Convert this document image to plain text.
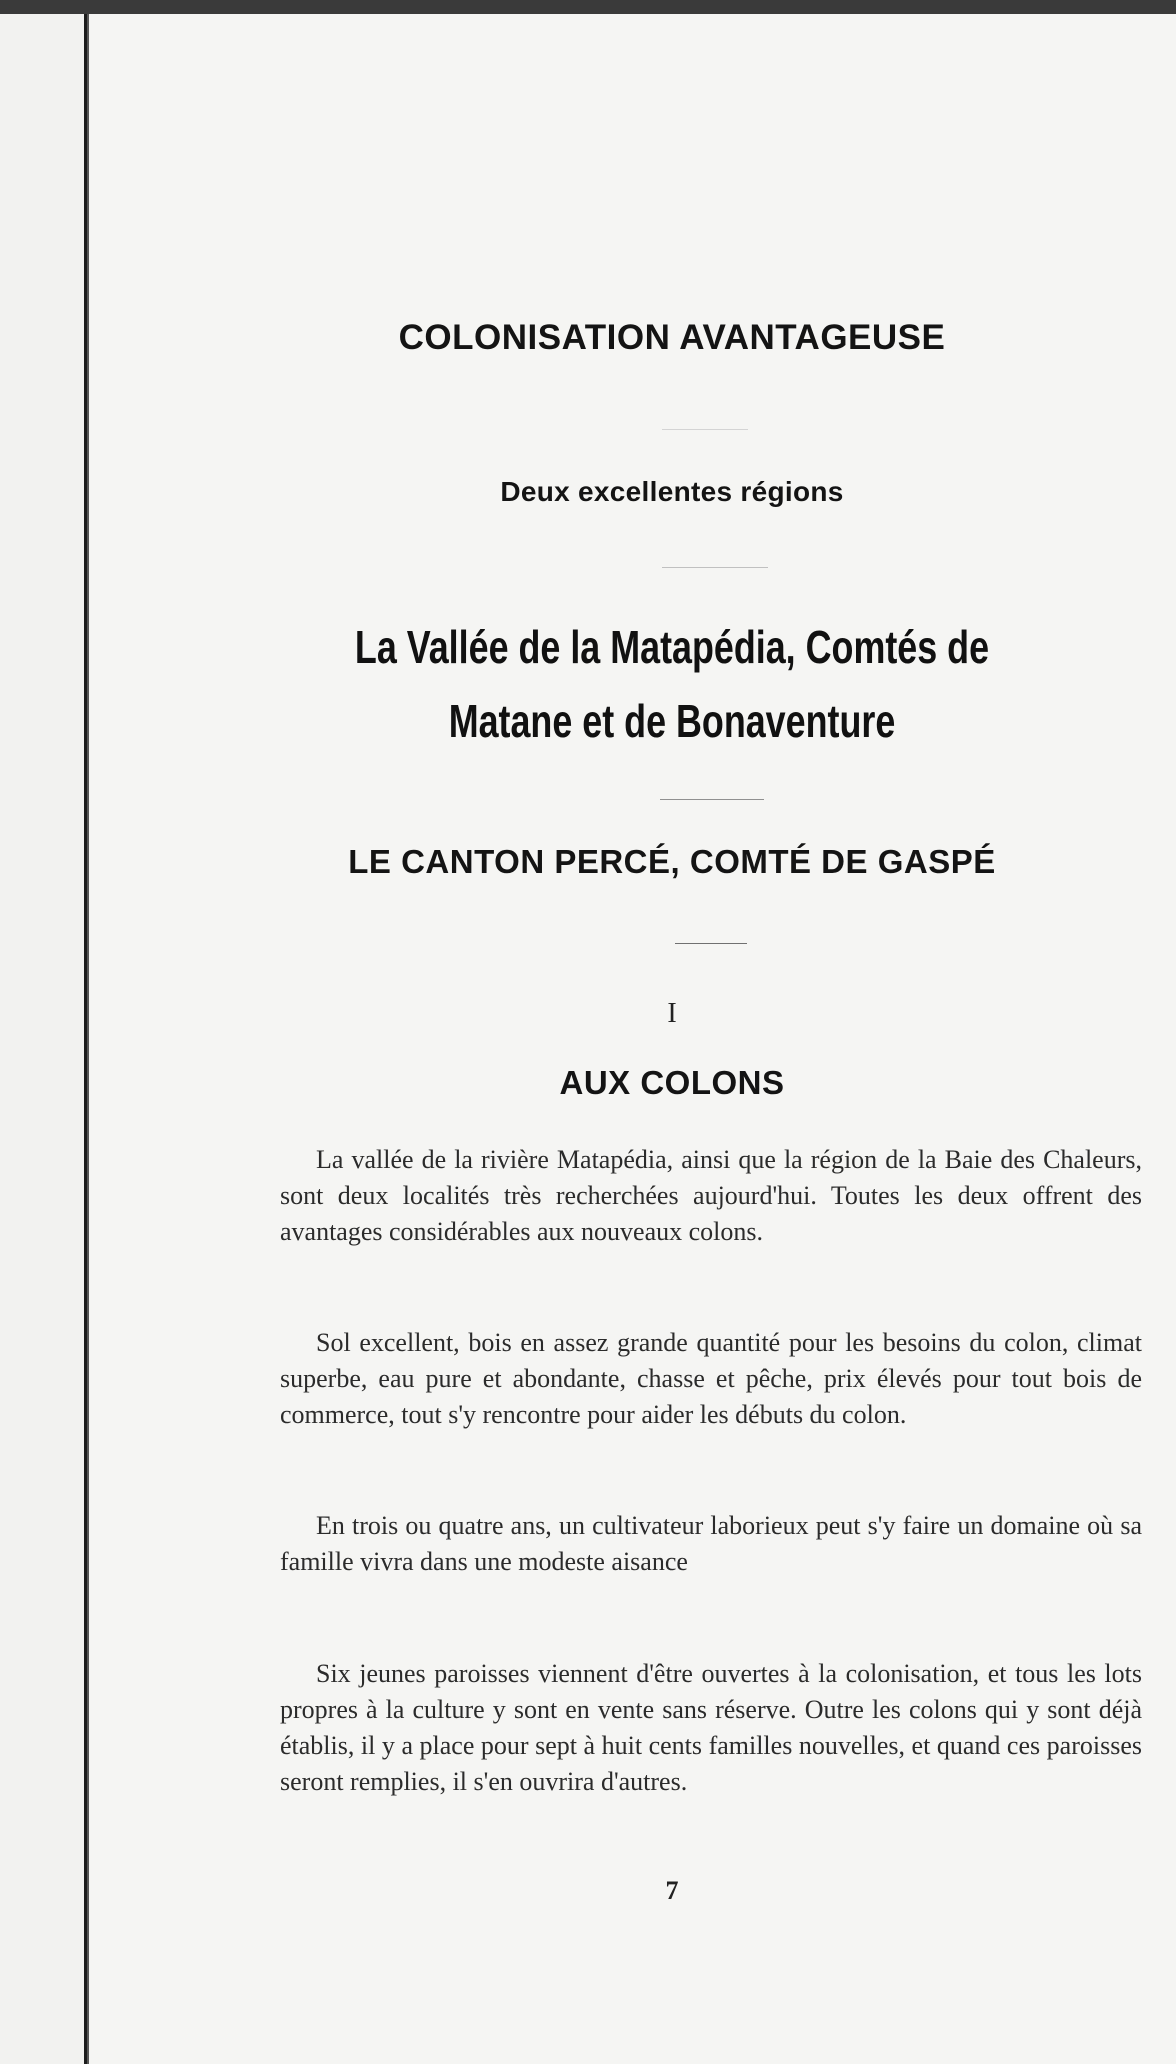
COLONISATION AVANTAGEUSE
Deux excellentes régions
La Vallée de la Matapédia, Comtés de Matane et de Bonaventure
LE CANTON PERCÉ, COMTÉ DE GASPÉ
I
AUX COLONS

La vallée de la rivière Matapédia, ainsi que la région de la Baie des Chaleurs, sont deux localités très recherchées aujourd'hui. Toutes les deux offrent des avantages considérables aux nouveaux colons.

Sol excellent, bois en assez grande quantité pour les besoins du colon, climat superbe, eau pure et abondante, chasse et pêche, prix élevés pour tout bois de commerce, tout s'y rencontre pour aider les débuts du colon.

En trois ou quatre ans, un cultivateur laborieux peut s'y faire un domaine où sa famille vivra dans une modeste aisance

Six jeunes paroisses viennent d'être ouvertes à la colonisation, et tous les lots propres à la culture y sont en vente sans réserve. Outre les colons qui y sont déjà établis, il y a place pour sept à huit cents familles nouvelles, et quand ces paroisses seront remplies, il s'en ouvrira d'autres.

7
